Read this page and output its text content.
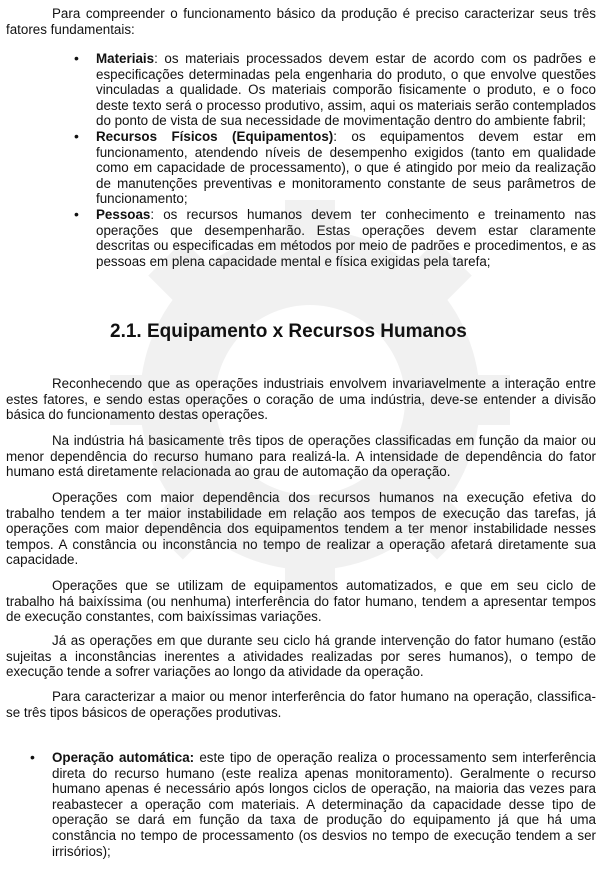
Para compreender o funcionamento básico da produção é preciso caracterizar seus três fatores fundamentais:

• Materiais: os materiais processados devem estar de acordo com os padrões e especificações determinadas pela engenharia do produto, o que envolve questões vinculadas a qualidade. Os materiais comporão fisicamente o produto, e o foco deste texto será o processo produtivo, assim, aqui os materiais serão contemplados do ponto de vista de sua necessidade de movimentação dentro do ambiente fabril;
• Recursos Físicos (Equipamentos): os equipamentos devem estar em funcionamento, atendendo níveis de desempenho exigidos (tanto em qualidade como em capacidade de processamento), o que é atingido por meio da realização de manutenções preventivas e monitoramento constante de seus parâmetros de funcionamento;
• Pessoas: os recursos humanos devem ter conhecimento e treinamento nas operações que desempenharão. Estas operações devem estar claramente descritas ou especificadas em métodos por meio de padrões e procedimentos, e as pessoas em plena capacidade mental e física exigidas pela tarefa;
2.1. Equipamento x Recursos Humanos

Reconhecendo que as operações industriais envolvem invariavelmente a interação entre estes fatores, e sendo estas operações o coração de uma indústria, deve-se entender a divisão básica do funcionamento destas operações.

Na indústria há basicamente três tipos de operações classificadas em função da maior ou menor dependência do recurso humano para realizá-la. A intensidade de dependência do fator humano está diretamente relacionada ao grau de automação da operação.

Operações com maior dependência dos recursos humanos na execução efetiva do trabalho tendem a ter maior instabilidade em relação aos tempos de execução das tarefas, já operações com maior dependência dos equipamentos tendem a ter menor instabilidade nesses tempos. A constância ou inconstância no tempo de realizar a operação afetará diretamente sua capacidade.

Operações que se utilizam de equipamentos automatizados, e que em seu ciclo de trabalho há baixíssima (ou nenhuma) interferência do fator humano, tendem a apresentar tempos de execução constantes, com baixíssimas variações.

Já as operações em que durante seu ciclo há grande intervenção do fator humano (estão sujeitas a inconstâncias inerentes a atividades realizadas por seres humanos), o tempo de execução tende a sofrer variações ao longo da atividade da operação.

Para caracterizar a maior ou menor interferência do fator humano na operação, classifica-se três tipos básicos de operações produtivas.

• Operação automática: este tipo de operação realiza o processamento sem interferência direta do recurso humano (este realiza apenas monitoramento). Geralmente o recurso humano apenas é necessário após longos ciclos de operação, na maioria das vezes para reabastecer a operação com materiais. A determinação da capacidade desse tipo de operação se dará em função da taxa de produção do equipamento já que há uma constância no tempo de processamento (os desvios no tempo de execução tendem a ser irrisórios);
